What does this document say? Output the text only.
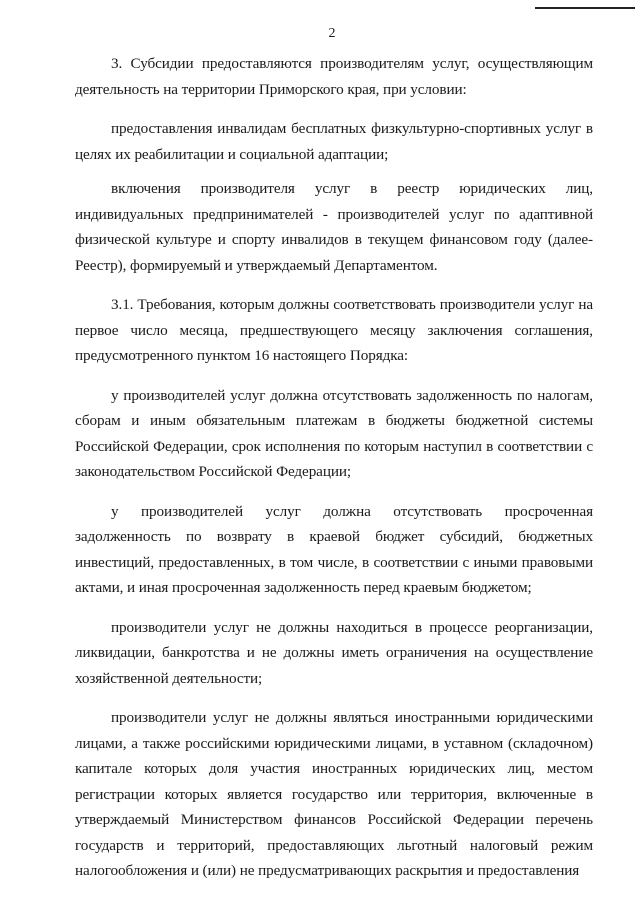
2

3. Субсидии предоставляются производителям услуг, осуществляющим деятельность на территории Приморского края, при условии:

предоставления инвалидам бесплатных физкультурно-спортивных услуг в целях их реабилитации и социальной адаптации;

включения производителя услуг в реестр юридических лиц, индивидуальных предпринимателей - производителей услуг по адаптивной физической культуре и спорту инвалидов в текущем финансовом году (далее- Реестр), формируемый и утверждаемый Департаментом.

3.1. Требования, которым должны соответствовать производители услуг на первое число месяца, предшествующего месяцу заключения соглашения, предусмотренного пунктом 16 настоящего Порядка:

у производителей услуг должна отсутствовать задолженность по налогам, сборам и иным обязательным платежам в бюджеты бюджетной системы Российской Федерации, срок исполнения по которым наступил в соответствии с законодательством Российской Федерации;

у производителей услуг должна отсутствовать просроченная задолженность по возврату в краевой бюджет субсидий, бюджетных инвестиций, предоставленных, в том числе, в соответствии с иными правовыми актами, и иная просроченная задолженность перед краевым бюджетом;

производители услуг не должны находиться в процессе реорганизации, ликвидации, банкротства и не должны иметь ограничения на осуществление хозяйственной деятельности;

производители услуг не должны являться иностранными юридическими лицами, а также российскими юридическими лицами, в уставном (складочном) капитале которых доля участия иностранных юридических лиц, местом регистрации которых является государство или территория, включенные в утверждаемый Министерством финансов Российской Федерации перечень государств и территорий, предоставляющих льготный налоговый режим налогообложения и (или) не предусматривающих раскрытия и предоставления
